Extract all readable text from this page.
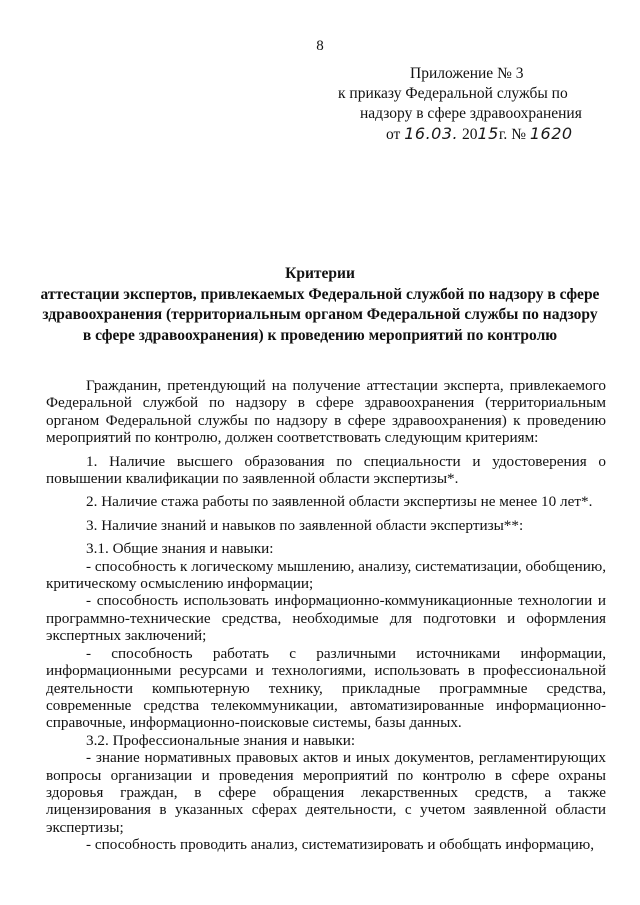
8
Приложение № 3
к приказу Федеральной службы по
надзору в сфере здравоохранения
от 16.03. 2015г. № 1620
Критерии
аттестации экспертов, привлекаемых Федеральной службой по надзору в сфере
здравоохранения (территориальным органом Федеральной службы по надзору
в сфере здравоохранения) к проведению мероприятий по контролю

Гражданин, претендующий на получение аттестации эксперта, привлекаемого Федеральной службой по надзору в сфере здравоохранения (территориальным органом Федеральной службы по надзору в сфере здравоохранения) к проведению мероприятий по контролю, должен соответствовать следующим критериям:

1. Наличие высшего образования по специальности и удостоверения о повышении квалификации по заявленной области экспертизы*.

2. Наличие стажа работы по заявленной области экспертизы не менее 10 лет*.

3. Наличие знаний и навыков по заявленной области экспертизы**:

3.1. Общие знания и навыки:

- способность к логическому мышлению, анализу, систематизации, обобщению, критическому осмыслению информации;

- способность использовать информационно-коммуникационные технологии и программно-технические средства, необходимые для подготовки и оформления экспертных заключений;

- способность работать с различными источниками информации, информационными ресурсами и технологиями, использовать в профессиональной деятельности компьютерную технику, прикладные программные средства, современные средства телекоммуникации, автоматизированные информационно-справочные, информационно-поисковые системы, базы данных.

3.2. Профессиональные знания и навыки:

- знание нормативных правовых актов и иных документов, регламентирующих вопросы организации и проведения мероприятий по контролю в сфере охраны здоровья граждан, в сфере обращения лекарственных средств, а также лицензирования в указанных сферах деятельности, с учетом заявленной области экспертизы;

- способность проводить анализ, систематизировать и обобщать информацию,
